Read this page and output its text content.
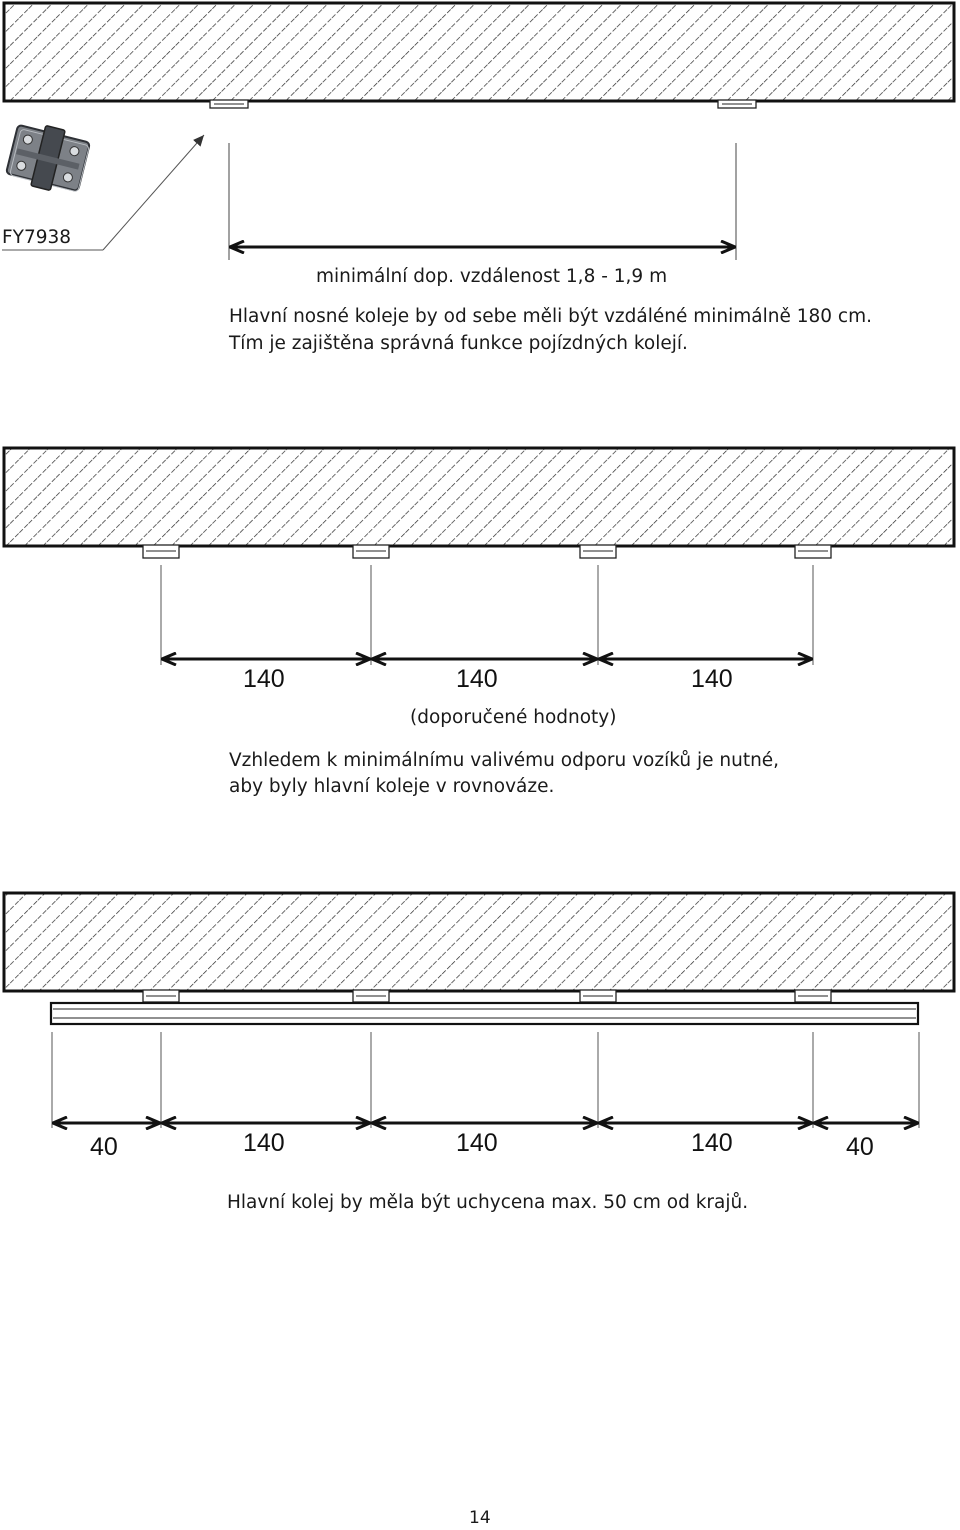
FY7938
minimální dop. vzdálenost 1,8 - 1,9 m
Hlavní nosné koleje by od sebe měli být vzdáléné minimálně 180 cm.
Tím je zajištěna správná funkce pojízdných kolejí.
140	140	140
(doporučené hodnoty)
Vzhledem k minimálnímu valivému odporu vozíků je nutné,
aby byly hlavní koleje v rovnováze.
40	140	140	140	40
Hlavní kolej by měla být uchycena max. 50 cm od krajů.
14
